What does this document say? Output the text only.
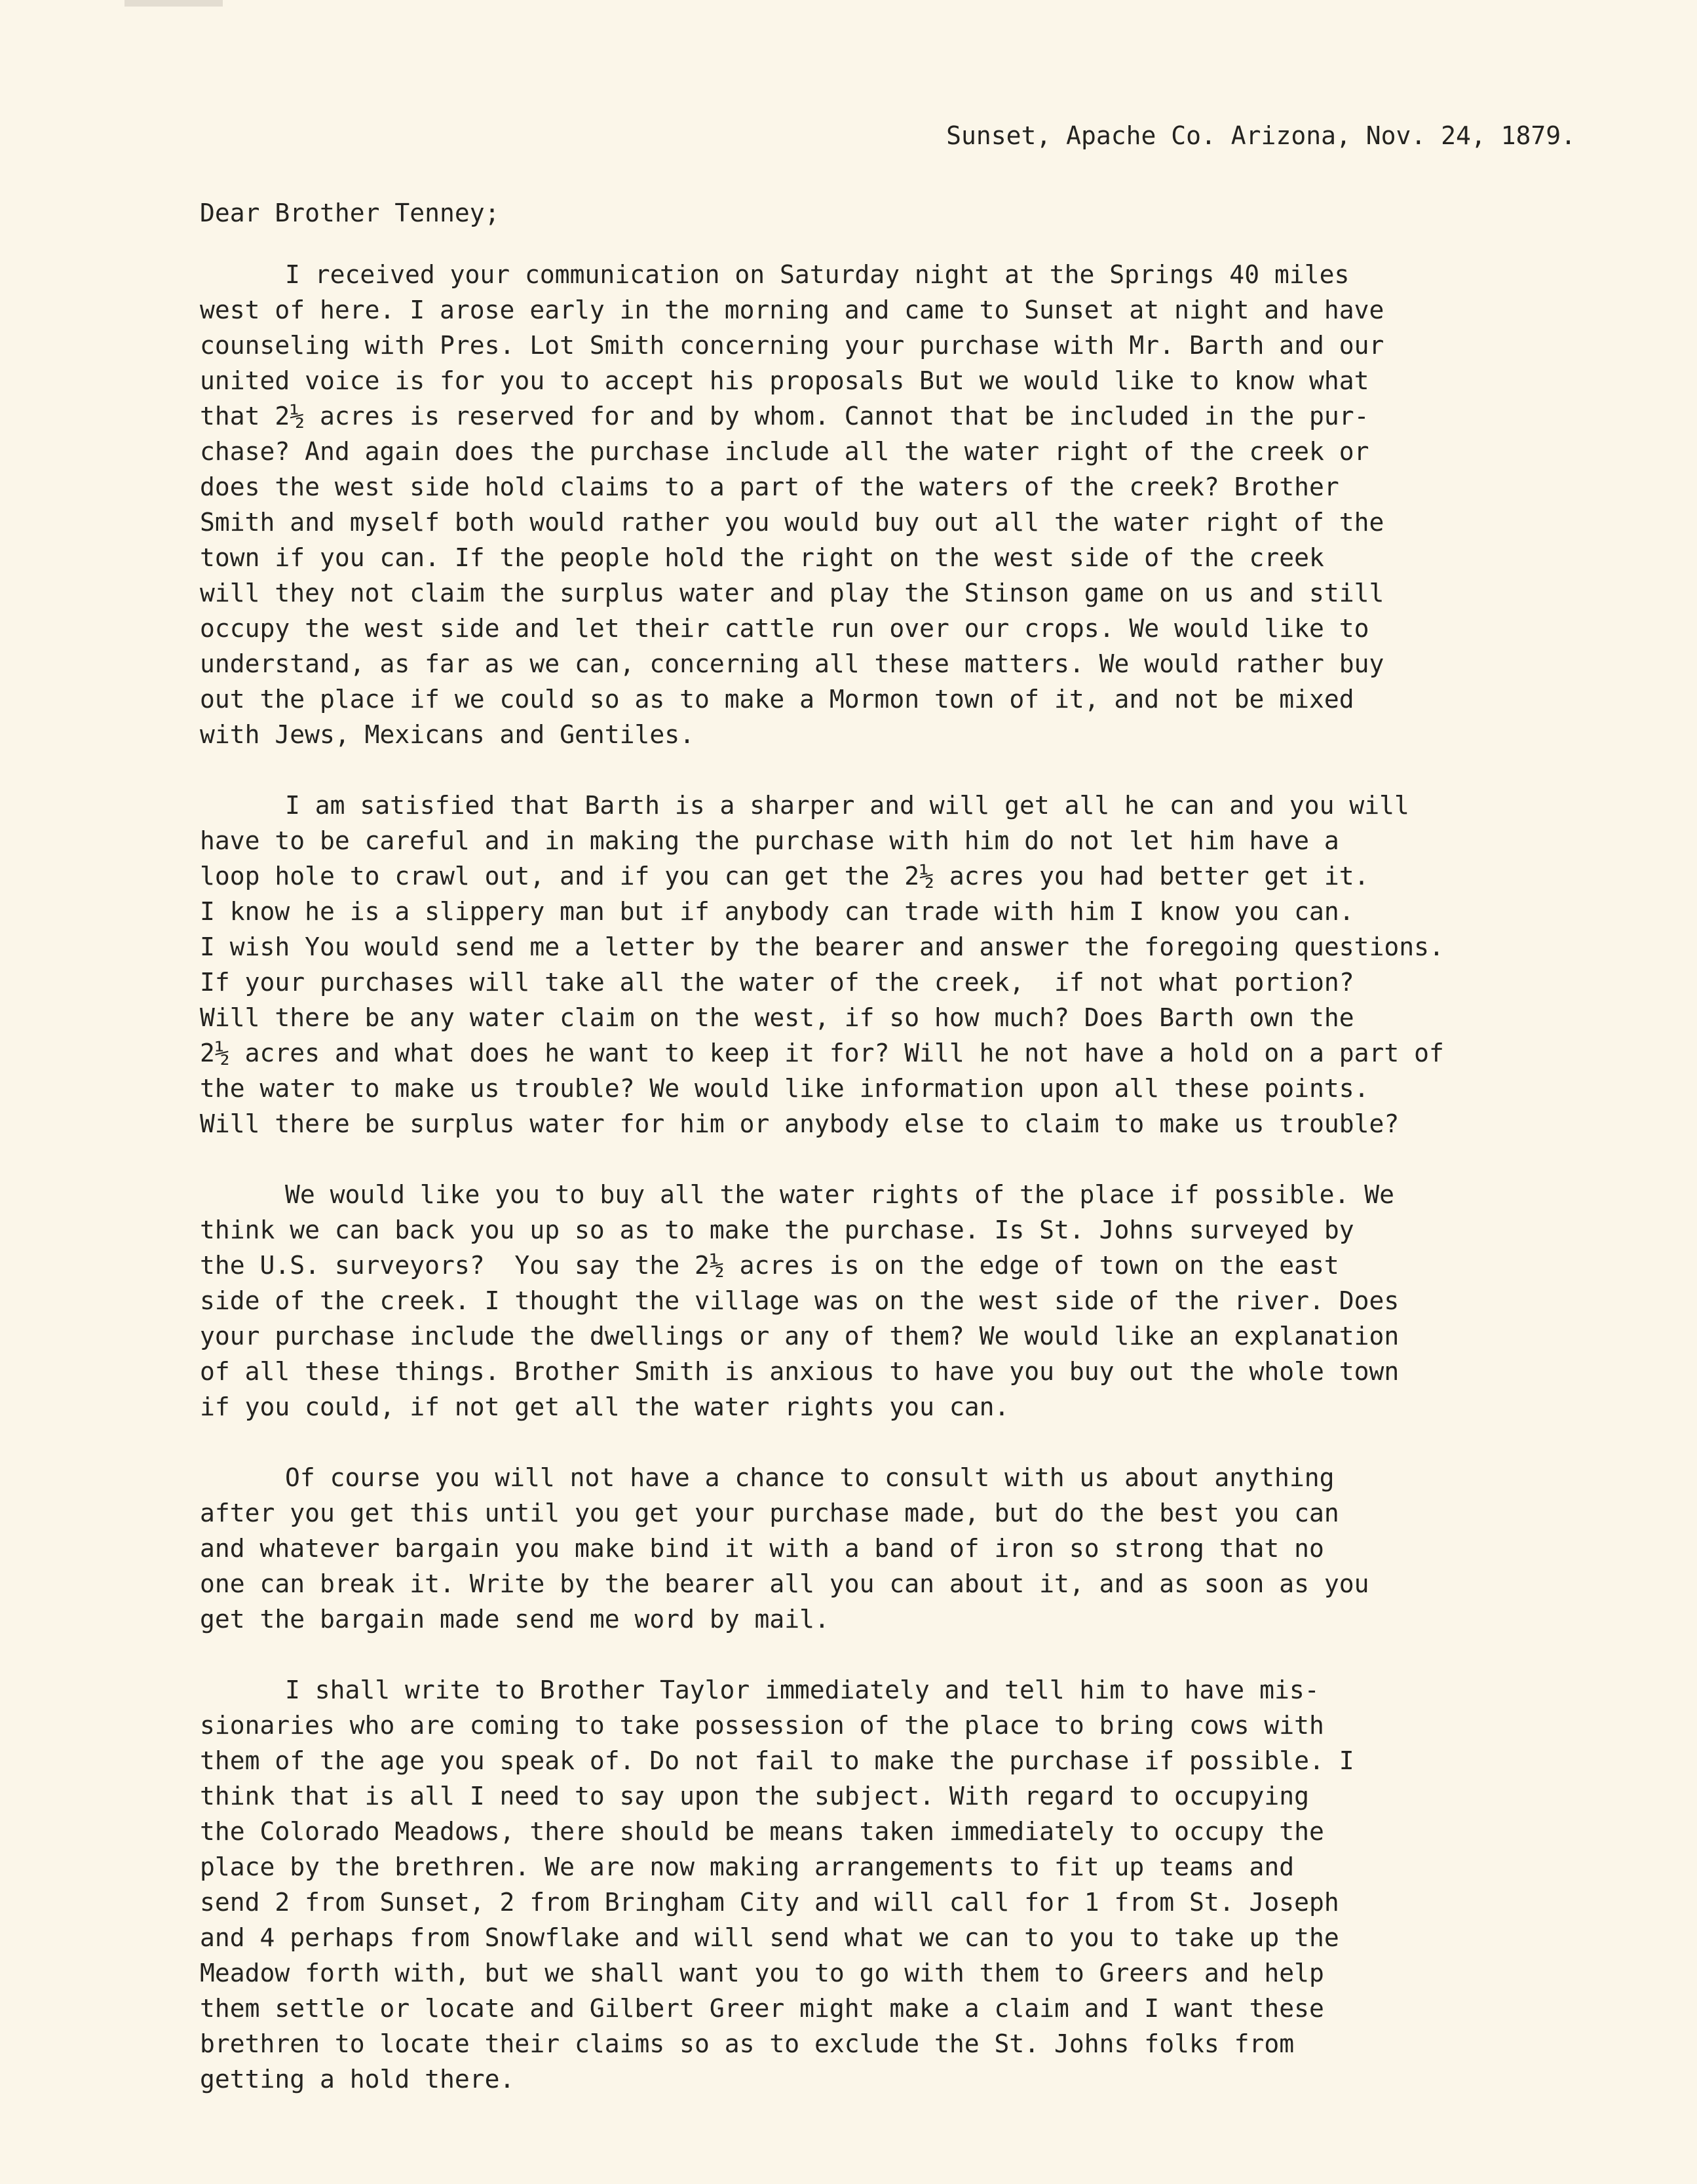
Sunset, Apache Co. Arizona, Nov. 24, 1879.

Dear Brother Tenney;

I received your communication on Saturday night at the Springs 40 miles
west of here. I arose early in the morning and came to Sunset at night and have
counseling with Pres. Lot Smith concerning your purchase with Mr. Barth and our
united voice is for you to accept his proposals But we would like to know what
that 2½ acres is reserved for and by whom. Cannot that be included in the pur-
chase? And again does the purchase include all the water right of the creek or
does the west side hold claims to a part of the waters of the creek? Brother
Smith and myself both would rather you would buy out all the water right of the
town if you can. If the people hold the right on the west side of the creek
will they not claim the surplus water and play the Stinson game on us and still
occupy the west side and let their cattle run over our crops. We would like to
understand, as far as we can, concerning all these matters. We would rather buy
out the place if we could so as to make a Mormon town of it, and not be mixed
with Jews, Mexicans and Gentiles.
I am satisfied that Barth is a sharper and will get all he can and you will
have to be careful and in making the purchase with him do not let him have a
loop hole to crawl out, and if you can get the 2½ acres you had better get it.
I know he is a slippery man but if anybody can trade with him I know you can.
I wish You would send me a letter by the bearer and answer the foregoing questions.
If your purchases will take all the water of the creek,  if not what portion?
Will there be any water claim on the west, if so how much? Does Barth own the
2½ acres and what does he want to keep it for? Will he not have a hold on a part of
the water to make us trouble? We would like information upon all these points.
Will there be surplus water for him or anybody else to claim to make us trouble?
We would like you to buy all the water rights of the place if possible. We
think we can back you up so as to make the purchase. Is St. Johns surveyed by
the U.S. surveyors?  You say the 2½ acres is on the edge of town on the east
side of the creek. I thought the village was on the west side of the river. Does
your purchase include the dwellings or any of them? We would like an explanation
of all these things. Brother Smith is anxious to have you buy out the whole town
if you could, if not get all the water rights you can.
Of course you will not have a chance to consult with us about anything
after you get this until you get your purchase made, but do the best you can
and whatever bargain you make bind it with a band of iron so strong that no
one can break it. Write by the bearer all you can about it, and as soon as you
get the bargain made send me word by mail.
I shall write to Brother Taylor immediately and tell him to have mis-
sionaries who are coming to take possession of the place to bring cows with
them of the age you speak of. Do not fail to make the purchase if possible. I
think that is all I need to say upon the subject. With regard to occupying
the Colorado Meadows, there should be means taken immediately to occupy the
place by the brethren. We are now making arrangements to fit up teams and
send 2 from Sunset, 2 from Bringham City and will call for 1 from St. Joseph
and 4 perhaps from Snowflake and will send what we can to you to take up the
Meadow forth with, but we shall want you to go with them to Greers and help
them settle or locate and Gilbert Greer might make a claim and I want these
brethren to locate their claims so as to exclude the St. Johns folks from
getting a hold there.
